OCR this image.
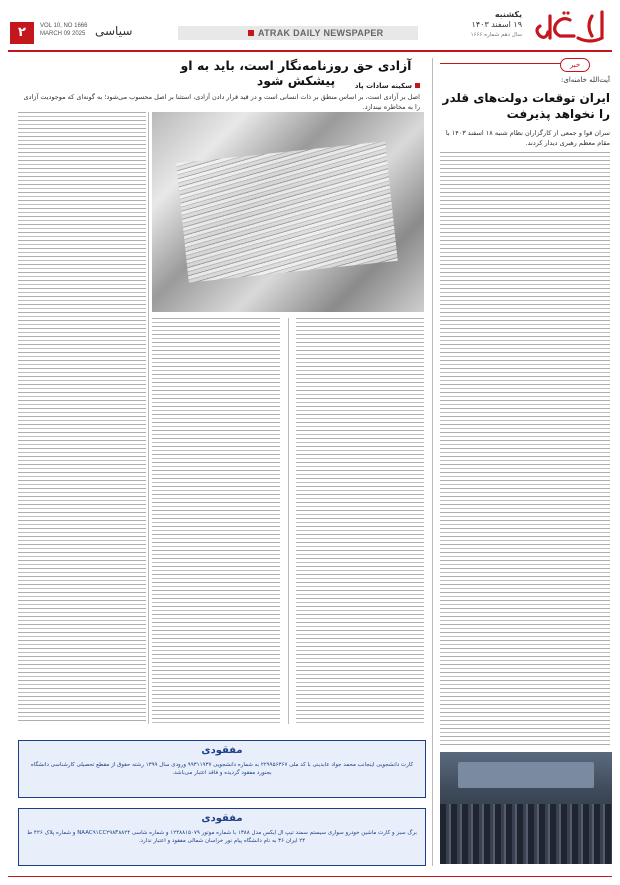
۲	VOL 10, NO 1666
MARCH 09 2025 سیاسی	ATRAK DAILY NEWSPAPER
یکشنبه
۱۹ اسفند ۱۴۰۳
سال دهم شماره ۱۶۶۶
آزادی حق روزنامه‌نگار است، باید به او پیشکش شود	سکینه سادات پاد
اصل بر آزادی است، بر اساس منطق بر ذات انسانی است و در قید قرار دادن آزادی، استثنا بر اصل محسوب می‌شود؛ به گونه‌ای که موجودیت آزادی را به مخاطره نیندازد.
خبر
آیت‌الله خامنه‌ای:
ایران توقعات دولت‌های قلدر را نخواهد پذیرفت
سران قوا و جمعی از کارگزاران نظام شنبه ۱۸ اسفند ۱۴۰۳ با مقام معظم رهبری دیدار کردند.
مفقودی
کارت دانشجویی اینجانب محمد جواد عابدینی با کد ملی ۲۲۹۹۵۶۳۶۷ به شماره دانشجویی ۹۹۳۱۱۹۳۷ ورودی سال ۱۳۹۹ رشته حقوق از مقطع تحصیلی کارشناسی دانشگاه بجنورد مفقود گردیده و فاقد اعتبار می‌باشد.
مفقودی
برگ سبز و کارت ماشین خودرو سواری سیستم سمند تیپ ال ایکس مدل ۱۳۸۸ با شماره موتور ۱۲۴۸۸۱۵۰۷۹ و شماره شاسی NAAC۹۱CC۲۹۸F۸۸۲۴ و شماره پلاک ۴۲۶ ط ۲۴ ایران ۳۶ به نام دانشگاه پیام نور خراسان شمالی مفقود و اعتبار ندارد.
